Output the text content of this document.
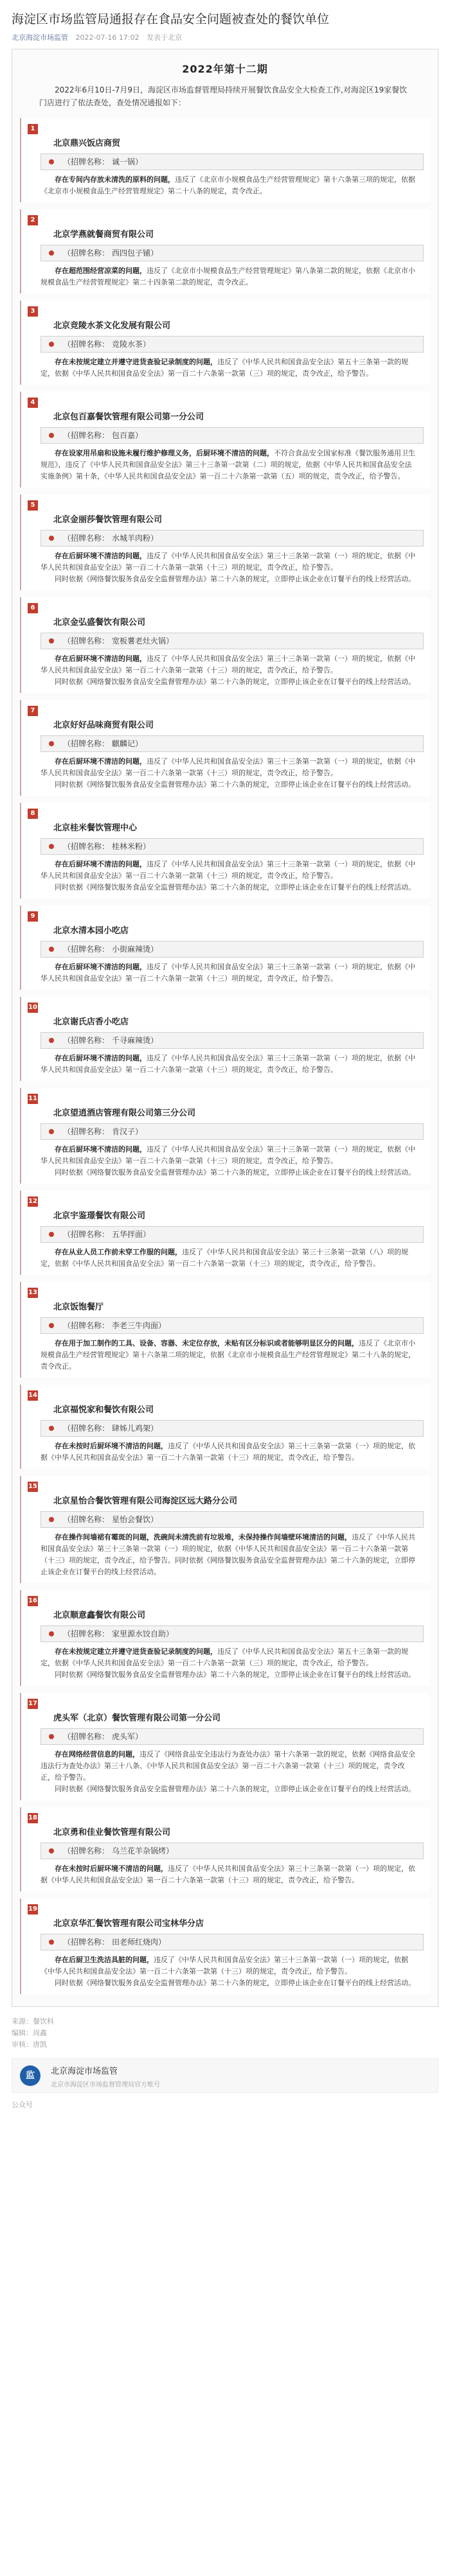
海淀区市场监管局通报存在食品安全问题被查处的餐饮单位
北京海淀市场监管 2022-07-16 17:02 发表于北京
2022年第十二期
2022年6月10日-7月9日，海淀区市场监督管理局持续开展餐饮食品安全大检查工作,对海淀区19家餐饮门店进行了依法查处，查处情况通报如下：
1
北京鼎兴饭店商贸
（招牌名称： 诚一锅）

存在专间内存放未清洗的原料的问题，违反了《北京市小规模食品生产经营管理规定》第十六条第三项的规定，依据《北京市小规模食品生产经营管理规定》第二十八条的规定，责令改正。

2
北京学燕就餐商贸有限公司
（招牌名称： 西四包子铺）

存在超范围经营凉菜的问题，违反了《北京市小规模食品生产经营管理规定》第八条第二款的规定，依据《北京市小规模食品生产经营管理规定》第二十四条第二款的规定，责令改正。

3
北京竞陵水茶文化发展有限公司
（招牌名称： 竞陵水茶）

存在未按规定建立并遵守进货查验记录制度的问题，违反了《中华人民共和国食品安全法》第五十三条第一款的规定，依据《中华人民共和国食品安全法》第一百二十六条第一款第（三）项的规定，责令改正，给予警告。

4
北京包百嘉餐饮管理有限公司第一分公司
（招牌名称： 包百嘉）

存在设家用吊扇和设施未履行维护修理义务，后厨环境不清洁的问题，不符合食品安全国家标准《餐饮服务通用卫生规范》，违反了《中华人民共和国食品安全法》第三十三条第一款第（二）项的规定，依据《中华人民共和国食品安全法实施条例》第十条，《中华人民共和国食品安全法》第一百二十六条第一款第（五）项的规定，责令改正，给予警告。

5
北京金丽莎餐饮管理有限公司
（招牌名称： 水城羊肉粉）

存在后厨环境不清洁的问题，违反了《中华人民共和国食品安全法》第三十三条第一款第（一）项的规定，依据《中华人民共和国食品安全法》第一百二十六条第一款第（十三）项的规定，责令改正，给予警告。

同时依据《网络餐饮服务食品安全监督管理办法》第二十六条的规定，立即停止该企业在订餐平台的线上经营活动。

6
北京金弘盛餐饮有限公司
（招牌名称： 宽板薯老灶火锅）

存在后厨环境不清洁的问题，违反了《中华人民共和国食品安全法》第三十三条第一款第（一）项的规定，依据《中华人民共和国食品安全法》第一百二十六条第一款第（十三）项的规定，责令改正，给予警告。

同时依据《网络餐饮服务食品安全监督管理办法》第二十六条的规定，立即停止该企业在订餐平台的线上经营活动。

7
北京好好品味商贸有限公司
（招牌名称： 麒麟记）

存在后厨环境不清洁的问题，违反了《中华人民共和国食品安全法》第三十三条第一款第（一）项的规定，依据《中华人民共和国食品安全法》第一百二十六条第一款第（十三）项的规定，责令改正，给予警告。

同时依据《网络餐饮服务食品安全监督管理办法》第二十六条的规定，立即停止该企业在订餐平台的线上经营活动。

8
北京桂米餐饮管理中心
（招牌名称： 桂林米粉）

存在后厨环境不清洁的问题，违反了《中华人民共和国食品安全法》第三十三条第一款第（一）项的规定，依据《中华人民共和国食品安全法》第一百二十六条第一款第（十三）项的规定，责令改正，给予警告。

同时依据《网络餐饮服务食品安全监督管理办法》第二十六条的规定，立即停止该企业在订餐平台的线上经营活动。

9
北京水清本园小吃店
（招牌名称： 小街麻辣烫）

存在后厨环境不清洁的问题，违反了《中华人民共和国食品安全法》第三十三条第一款第（一）项的规定，依据《中华人民共和国食品安全法》第一百二十六条第一款第（十三）项的规定，责令改正，给予警告。

10
北京谢氏店香小吃店
（招牌名称： 千寻麻辣烫）

存在后厨环境不清洁的问题，违反了《中华人民共和国食品安全法》第三十三条第一款第（一）项的规定，依据《中华人民共和国食品安全法》第一百二十六条第一款第（十三）项的规定，责令改正，给予警告。

11
北京望逍酒店管理有限公司第三分公司
（招牌名称： 肯汉子）

存在后厨环境不清洁的问题，违反了《中华人民共和国食品安全法》第三十三条第一款第（一）项的规定，依据《中华人民共和国食品安全法》第一百二十六条第一款第（十三）项的规定，责令改正，给予警告。

同时依据《网络餐饮服务食品安全监督管理办法》第二十六条的规定，立即停止该企业在订餐平台的线上经营活动。

12
北京宇鉴璟餐饮有限公司
（招牌名称： 五华拌面）

存在从业人员工作前未穿工作服的问题，违反了《中华人民共和国食品安全法》第三十三条第一款第（八）项的规定，依据《中华人民共和国食品安全法》第一百二十六条第一款第（十三）项的规定，责令改正，给予警告。

13
北京饭饱餐厅
（招牌名称： 李老三牛肉面）

存在用于加工制作的工具、设备、容器、未定位存放，未贴有区分标识或者能够明显区分的问题，违反了《北京市小规模食品生产经营管理规定》第十六条第二项的规定，依据《北京市小规模食品生产经营管理规定》第二十八条的规定，责令改正。

14
北京福悦家和餐饮有限公司
（招牌名称： 肆姊儿鸡架）

存在未按时后厨环境不清洁的问题，违反了《中华人民共和国食品安全法》第三十三条第一款第（一）项的规定，依据《中华人民共和国食品安全法》第一百二十六条第一款第（十三）项的规定，责令改正，给予警告。

15
北京星怡合餐饮管理有限公司海淀区远大路分公司
（招牌名称： 星怡会餐饮）

存在操作间墙裙有霉斑的问题，洗碗间未清洗前有垃圾堆，未保持操作间墙壁环境清洁的问题，违反了《中华人民共和国食品安全法》第三十三条第一款第（一）项的规定，依据《中华人民共和国食品安全法》第一百二十六条第一款第（十三）项的规定，责令改正，给予警告。同时依据《网络餐饮服务食品安全监督管理办法》第二十六条的规定，立即停止该企业在订餐平台的线上经营活动。

16
北京顺意鑫餐饮有限公司
（招牌名称： 家里源水饺自助）

存在未按规定建立并遵守进货查验记录制度的问题，违反了《中华人民共和国食品安全法》第五十三条第一款的规定，依据《中华人民共和国食品安全法》第一百二十六条第一款第（三）项的规定，责令改正，给予警告。

同时依据《网络餐饮服务食品安全监督管理办法》第二十六条的规定，立即停止该企业在订餐平台的线上经营活动。

17
虎头军（北京）餐饮管理有限公司第一分公司
（招牌名称： 虎头军）

存在网络经营信息的问题，违反了《网络食品安全违法行为查处办法》第十六条第一款的规定，依据《网络食品安全违法行为查处办法》第三十八条、《中华人民共和国食品安全法》第一百二十六条第一款第（十三）项的规定，责令改正，给予警告。

同时依据《网络餐饮服务食品安全监督管理办法》第二十六条的规定，立即停止该企业在订餐平台的线上经营活动。

18
北京勇和佳业餐饮管理有限公司
（招牌名称： 乌兰花羊杂锅烤）

存在未按时后厨环境不清洁的问题，违反了《中华人民共和国食品安全法》第三十三条第一款第（一）项的规定，依据《中华人民共和国食品安全法》第一百二十六条第一款第（十三）项的规定，责令改正，给予警告。

19
北京京华汇餐饮管理有限公司宝林华分店
（招牌名称： 田老师红烧肉）

存在后厨卫生洗洁具脏的问题，违反了《中华人民共和国食品安全法》第三十三条第一款第（一）项的规定，依据《中华人民共和国食品安全法》第一百二十六条第一款第（十三）项的规定，责令改正，给予警告。

同时依据《网络餐饮服务食品安全监督管理办法》第二十六条的规定，立即停止该企业在订餐平台的线上经营活动。

来源：餐饮科
编辑：周鑫
审核：唐凯
监	北京海淀市场监管
北京市海淀区市场监督管理局官方账号
公众号
